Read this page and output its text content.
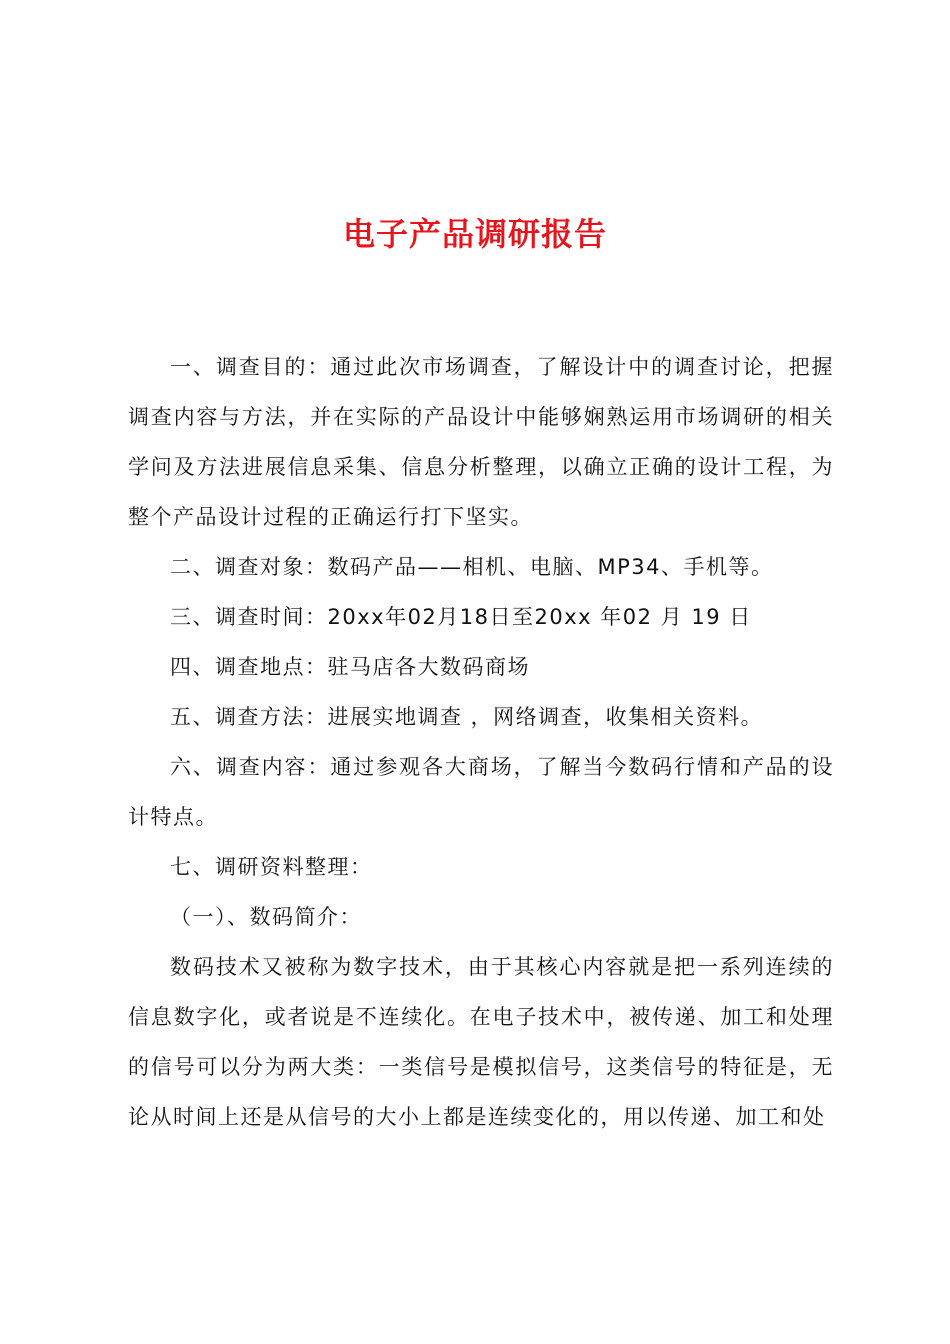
电子产品调研报告

一、调查目的：通过此次市场调查，了解设计中的调查讨论，把握调查内容与方法，并在实际的产品设计中能够娴熟运用市场调研的相关学问及方法进展信息采集、信息分析整理，以确立正确的设计工程，为整个产品设计过程的正确运行打下坚实。

二、调查对象：数码产品——相机、电脑、MP34、手机等。

三、调查时间：20xx年02月18日至20xx 年02 月 19 日

四、调查地点：驻马店各大数码商场

五、调查方法：进展实地调查 ，网络调查，收集相关资料。

六、调查内容：通过参观各大商场，了解当今数码行情和产品的设计特点。

七、调研资料整理：

（一）、数码简介：

数码技术又被称为数字技术，由于其核心内容就是把一系列连续的信息数字化，或者说是不连续化。在电子技术中，被传递、加工和处理的信号可以分为两大类：一类信号是模拟信号，这类信号的特征是，无论从时间上还是从信号的大小上都是连续变化的，用以传递、加工和处
